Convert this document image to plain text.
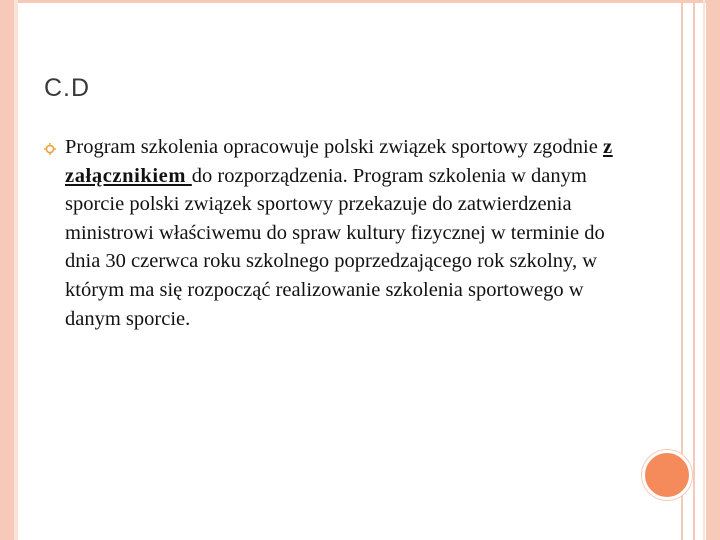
C.D
Program szkolenia opracowuje polski związek sportowy zgodnie z załącznikiem do rozporządzenia. Program szkolenia w danym sporcie polski związek sportowy przekazuje do zatwierdzenia ministrowi właściwemu do spraw kultury fizycznej w terminie do dnia 30 czerwca roku szkolnego poprzedzającego rok szkolny, w którym ma się rozpocząć realizowanie szkolenia sportowego w danym sporcie.
